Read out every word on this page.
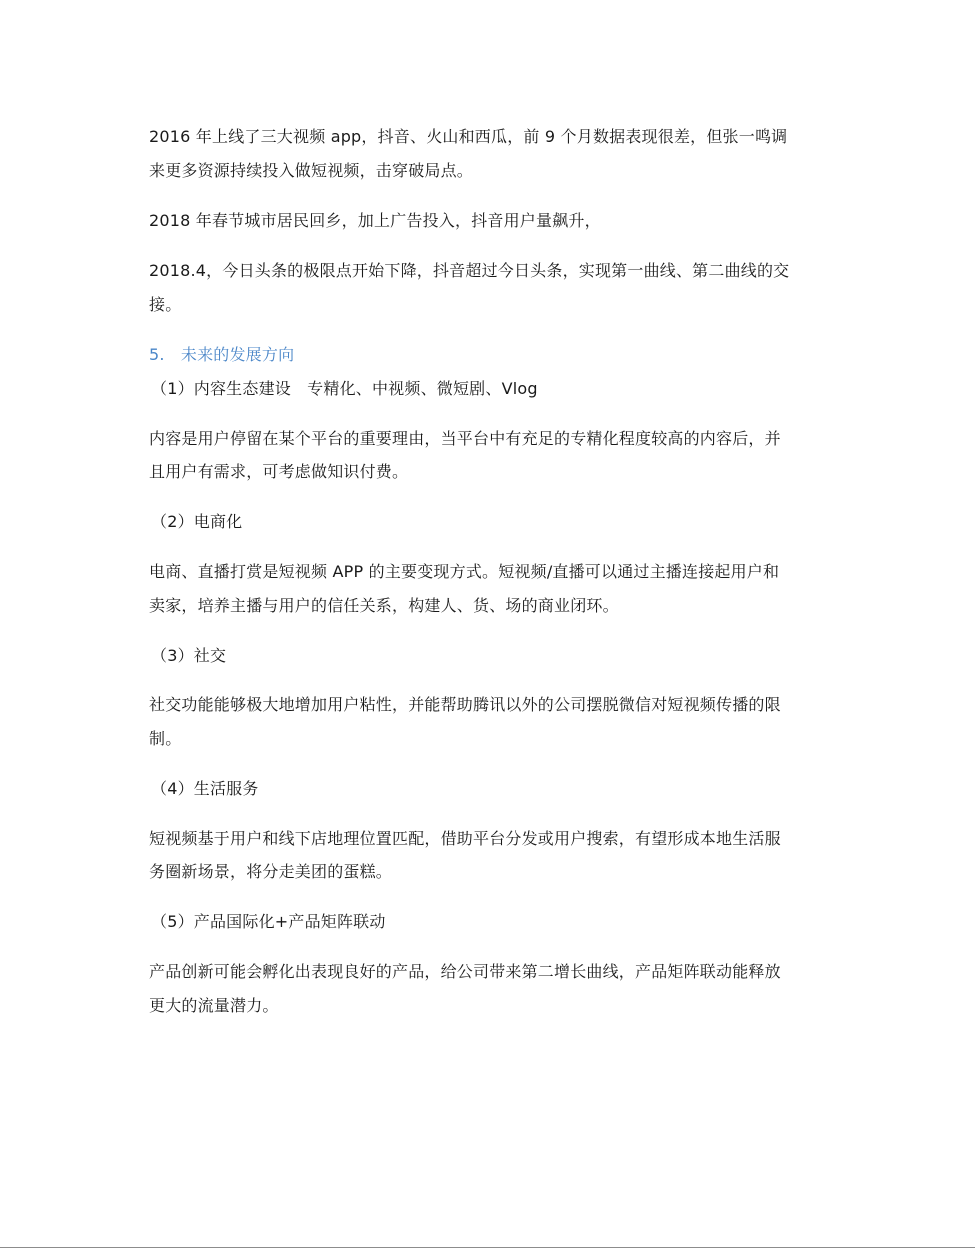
2016 年上线了三大视频 app，抖音、火山和西瓜，前 9 个月数据表现很差，但张一鸣调
来更多资源持续投入做短视频，击穿破局点。
2018 年春节城市居民回乡，加上广告投入，抖音用户量飙升，
2018.4，今日头条的极限点开始下降，抖音超过今日头条，实现第一曲线、第二曲线的交
接。
5.　未来的发展方向
（1）内容生态建设　专精化、中视频、微短剧、Vlog
内容是用户停留在某个平台的重要理由，当平台中有充足的专精化程度较高的内容后，并
且用户有需求，可考虑做知识付费。
（2）电商化
电商、直播打赏是短视频 APP 的主要变现方式。短视频/直播可以通过主播连接起用户和
卖家，培养主播与用户的信任关系，构建人、货、场的商业闭环。
（3）社交
社交功能能够极大地增加用户粘性，并能帮助腾讯以外的公司摆脱微信对短视频传播的限
制。
（4）生活服务
短视频基于用户和线下店地理位置匹配，借助平台分发或用户搜索，有望形成本地生活服
务圈新场景，将分走美团的蛋糕。
（5）产品国际化+产品矩阵联动
产品创新可能会孵化出表现良好的产品，给公司带来第二增长曲线，产品矩阵联动能释放
更大的流量潜力。
